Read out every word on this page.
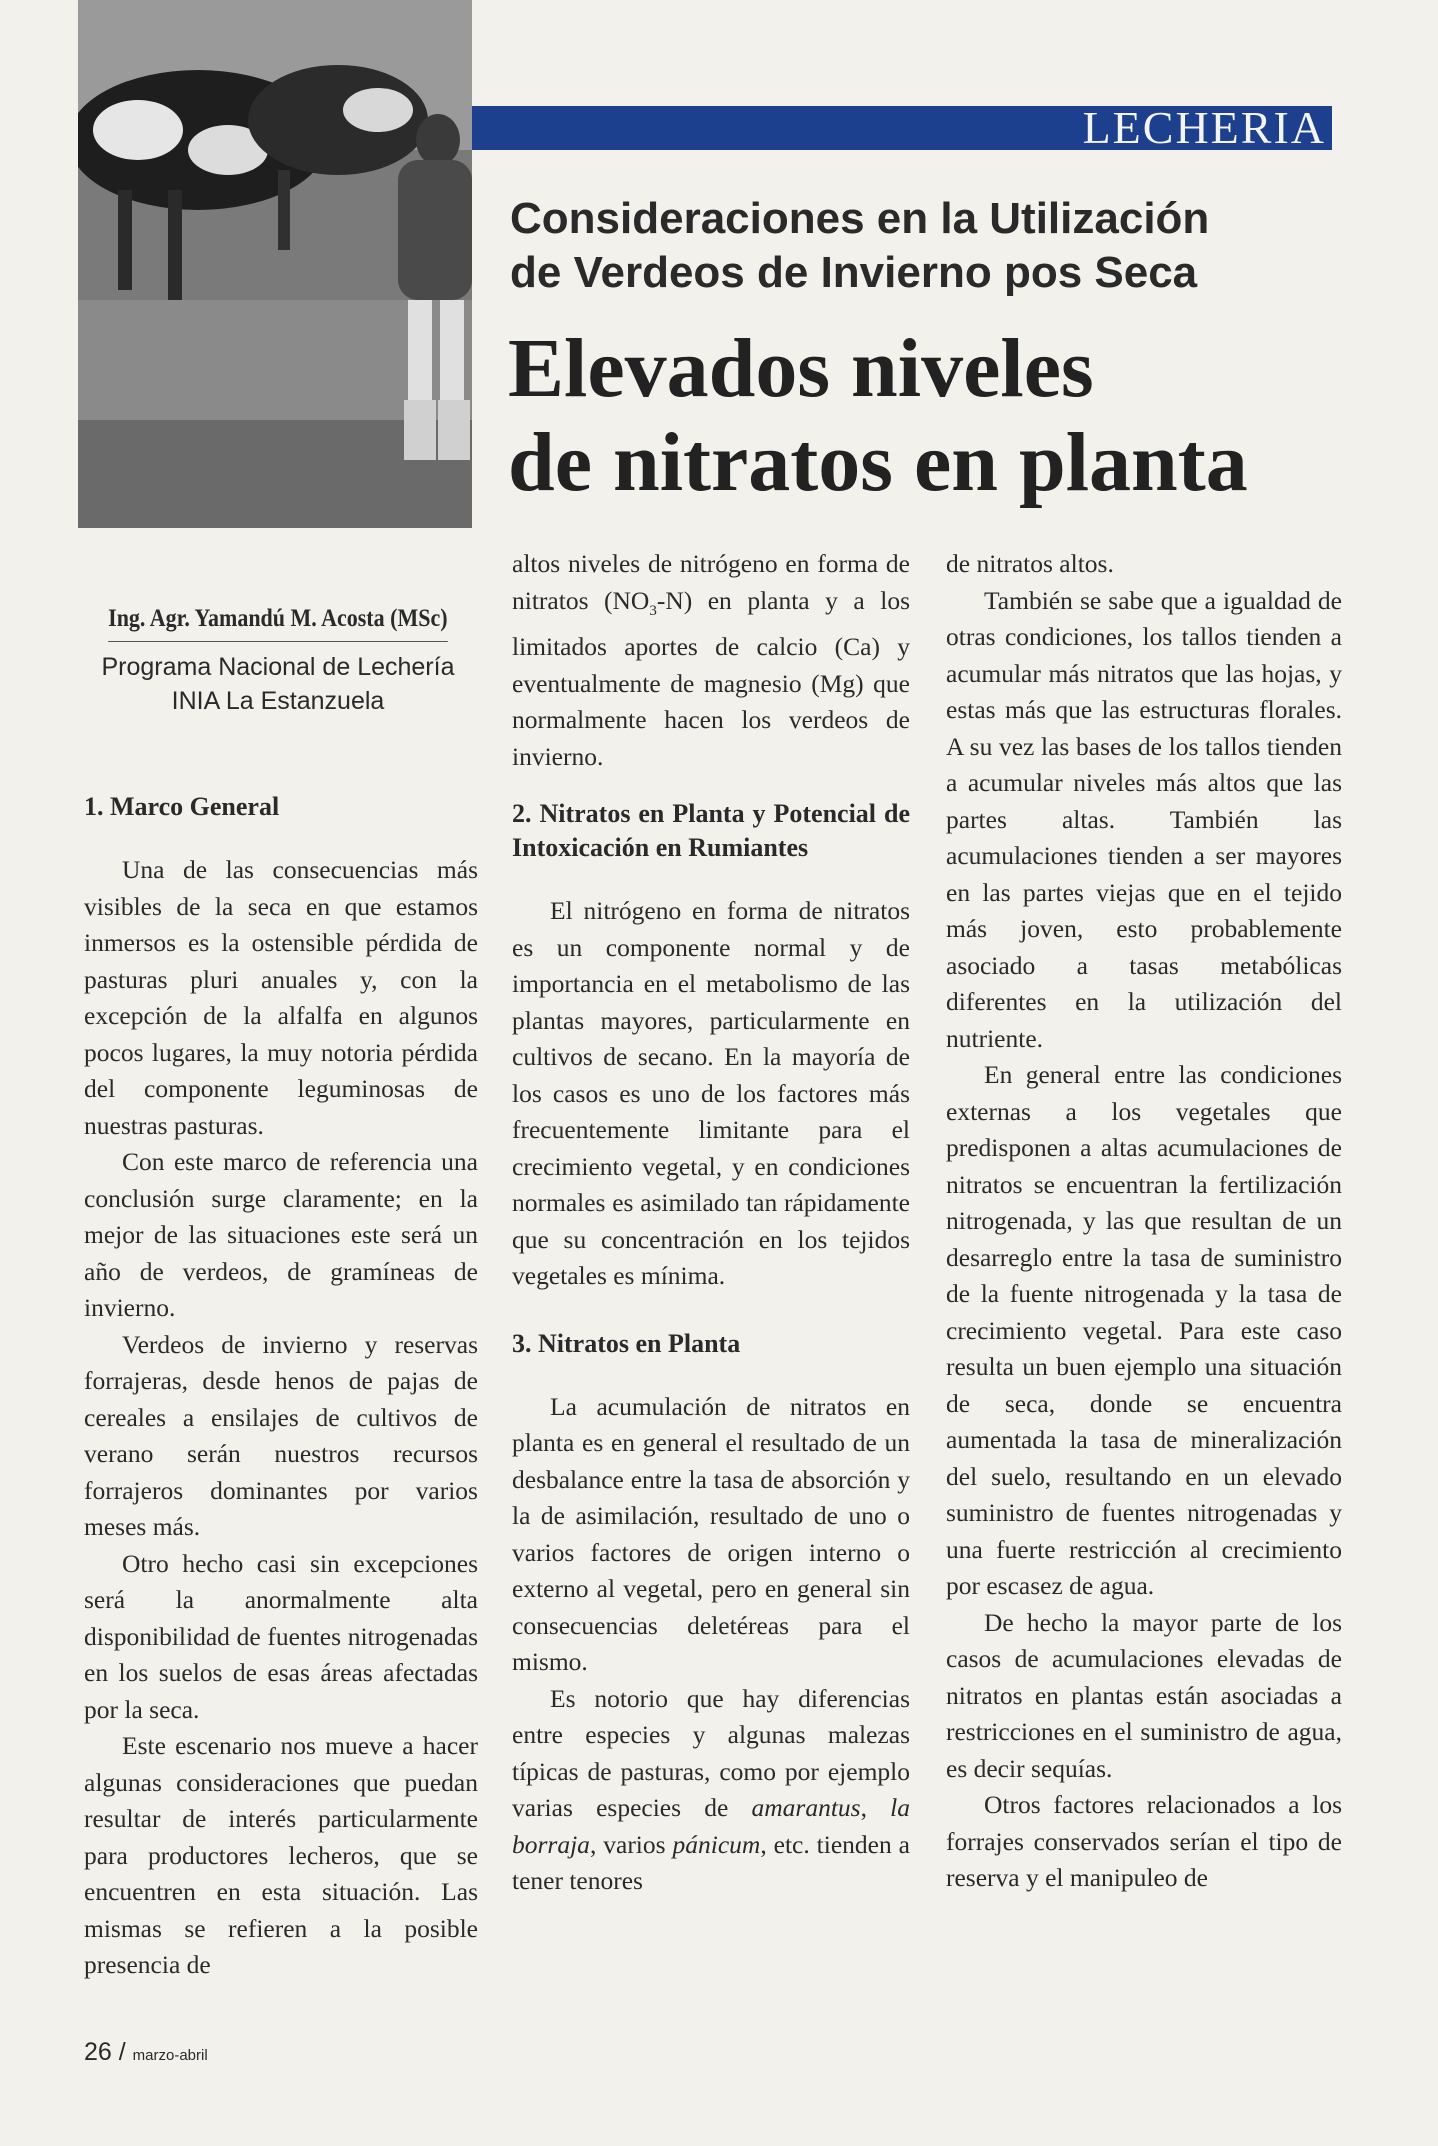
LECHERIA
Consideraciones en la Utilización
de Verdeos de Invierno pos Seca
Elevados niveles
de nitratos en planta
Ing. Agr. Yamandú M. Acosta (MSc)
Programa Nacional de Lechería
INIA La Estanzuela
1. Marco General

Una de las consecuencias más visibles de la seca en que estamos inmersos es la ostensible pérdida de pasturas pluri anuales y, con la excepción de la alfalfa en algunos pocos lugares, la muy notoria pérdida del componente leguminosas de nuestras pasturas.

Con este marco de referencia una conclusión surge claramente; en la mejor de las situaciones este será un año de verdeos, de gramíneas de invierno.

Verdeos de invierno y reservas forrajeras, desde henos de pajas de cereales a ensilajes de cultivos de verano serán nuestros recursos forrajeros dominantes por varios meses más.

Otro hecho casi sin excepciones será la anormalmente alta disponibilidad de fuentes nitrogenadas en los suelos de esas áreas afectadas por la seca.

Este escenario nos mueve a hacer algunas consideraciones que puedan resultar de interés particularmente para productores lecheros, que se encuentren en esta situación. Las mismas se refieren a la posible presencia de

altos niveles de nitrógeno en forma de nitratos $(NO_3-N)$ en planta y a los limitados aportes de calcio (Ca) y eventualmente de magnesio (Mg) que normalmente hacen los verdeos de invierno.

2. Nitratos en Planta y Potencial de Intoxicación en Rumiantes

El nitrógeno en forma de nitratos es un componente normal y de importancia en el metabolismo de las plantas mayores, particularmente en cultivos de secano. En la mayoría de los casos es uno de los factores más frecuentemente limitante para el crecimiento vegetal, y en condiciones normales es asimilado tan rápidamente que su concentración en los tejidos vegetales es mínima.

3. Nitratos en Planta

La acumulación de nitratos en planta es en general el resultado de un desbalance entre la tasa de absorción y la de asimilación, resultado de uno o varios factores de origen interno o externo al vegetal, pero en general sin consecuencias deletéreas para el mismo.

Es notorio que hay diferencias entre especies y algunas malezas típicas de pasturas, como por ejemplo varias especies de amarantus, la borraja, varios pánicum, etc. tienden a tener tenores

de nitratos altos.

También se sabe que a igualdad de otras condiciones, los tallos tienden a acumular más nitratos que las hojas, y estas más que las estructuras florales. A su vez las bases de los tallos tienden a acumular niveles más altos que las partes altas. También las acumulaciones tienden a ser mayores en las partes viejas que en el tejido más joven, esto probablemente asociado a tasas metabólicas diferentes en la utilización del nutriente.

En general entre las condiciones externas a los vegetales que predisponen a altas acumulaciones de nitratos se encuentran la fertilización nitrogenada, y las que resultan de un desarreglo entre la tasa de suministro de la fuente nitrogenada y la tasa de crecimiento vegetal. Para este caso resulta un buen ejemplo una situación de seca, donde se encuentra aumentada la tasa de mineralización del suelo, resultando en un elevado suministro de fuentes nitrogenadas y una fuerte restricción al crecimiento por escasez de agua.

De hecho la mayor parte de los casos de acumulaciones elevadas de nitratos en plantas están asociadas a restricciones en el suministro de agua, es decir sequías.

Otros factores relacionados a los forrajes conservados serían el tipo de reserva y el manipuleo de

26 / marzo-abril
